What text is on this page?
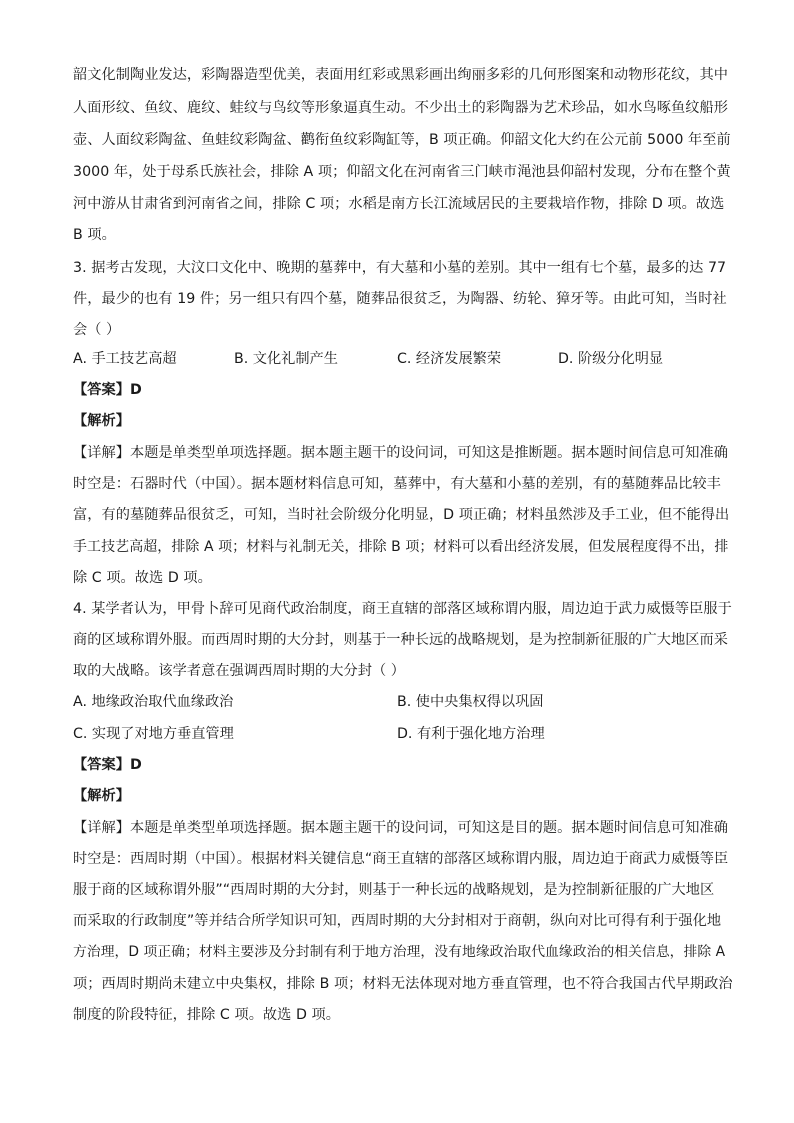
韶文化制陶业发达，彩陶器造型优美，表面用红彩或黑彩画出绚丽多彩的几何形图案和动物形花纹，其中
人面形纹、鱼纹、鹿纹、蛙纹与鸟纹等形象逼真生动。不少出土的彩陶器为艺术珍品，如水鸟啄鱼纹船形
壶、人面纹彩陶盆、鱼蛙纹彩陶盆、鹳衔鱼纹彩陶缸等，B 项正确。仰韶文化大约在公元前 5000 年至前
3000 年，处于母系氏族社会，排除 A 项；仰韶文化在河南省三门峡市渑池县仰韶村发现，分布在整个黄
河中游从甘肃省到河南省之间，排除 C 项；水稻是南方长江流域居民的主要栽培作物，排除 D 项。故选
B 项。
3. 据考古发现，大汶口文化中、晚期的墓葬中，有大墓和小墓的差别。其中一组有七个墓，最多的达 77
件，最少的也有 19 件；另一组只有四个墓，随葬品很贫乏，为陶器、纺轮、獐牙等。由此可知，当时社
会（ ）
A. 手工技艺高超	B. 文化礼制产生	C. 经济发展繁荣	D. 阶级分化明显
【答案】D
【解析】
【详解】本题是单类型单项选择题。据本题主题干的设问词，可知这是推断题。据本题时间信息可知准确
时空是：石器时代（中国）。据本题材料信息可知，墓葬中，有大墓和小墓的差别，有的墓随葬品比较丰
富，有的墓随葬品很贫乏，可知，当时社会阶级分化明显，D 项正确；材料虽然涉及手工业，但不能得出
手工技艺高超，排除 A 项；材料与礼制无关，排除 B 项；材料可以看出经济发展，但发展程度得不出，排
除 C 项。故选 D 项。
4. 某学者认为，甲骨卜辞可见商代政治制度，商王直辖的部落区域称谓内服，周边迫于武力威慑等臣服于
商的区域称谓外服。而西周时期的大分封，则基于一种长远的战略规划，是为控制新征服的广大地区而采
取的大战略。该学者意在强调西周时期的大分封（ ）
A. 地缘政治取代血缘政治	B. 使中央集权得以巩固
C. 实现了对地方垂直管理	D. 有利于强化地方治理
【答案】D
【解析】
【详解】本题是单类型单项选择题。据本题主题干的设问词，可知这是目的题。据本题时间信息可知准确
时空是：西周时期（中国）。根据材料关键信息“商王直辖的部落区域称谓内服，周边迫于商武力威慑等臣
服于商的区域称谓外服”“西周时期的大分封，则基于一种长远的战略规划，是为控制新征服的广大地区
而采取的行政制度”等并结合所学知识可知，西周时期的大分封相对于商朝，纵向对比可得有利于强化地
方治理，D 项正确；材料主要涉及分封制有利于地方治理，没有地缘政治取代血缘政治的相关信息，排除 A
项；西周时期尚未建立中央集权，排除 B 项；材料无法体现对地方垂直管理，也不符合我国古代早期政治
制度的阶段特征，排除 C 项。故选 D 项。
